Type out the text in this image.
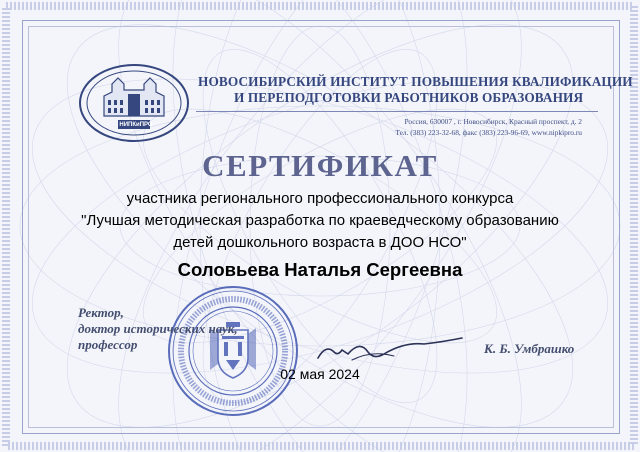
НИПКиПРО
НОВОСИБИРСКИЙ ИНСТИТУТ ПОВЫШЕНИЯ КВАЛИФИКАЦИИ
И ПЕРЕПОДГОТОВКИ РАБОТНИКОВ ОБРАЗОВАНИЯ
Россия, 630007 , г. Новосибирск, Красный проспект, д. 2
Тел. (383) 223-32-68, факс (383) 223-96-69, www.nipkipro.ru
СЕРТИФИКАТ
участника регионального профессионального конкурса
"Лучшая методическая разработка по краеведческому образованию
детей дошкольного возраста в ДОО НСО"
Соловьева Наталья Сергеевна
Ректор,
доктор исторических наук,
профессор	К. Б. Умбрашко
02 мая 2024
